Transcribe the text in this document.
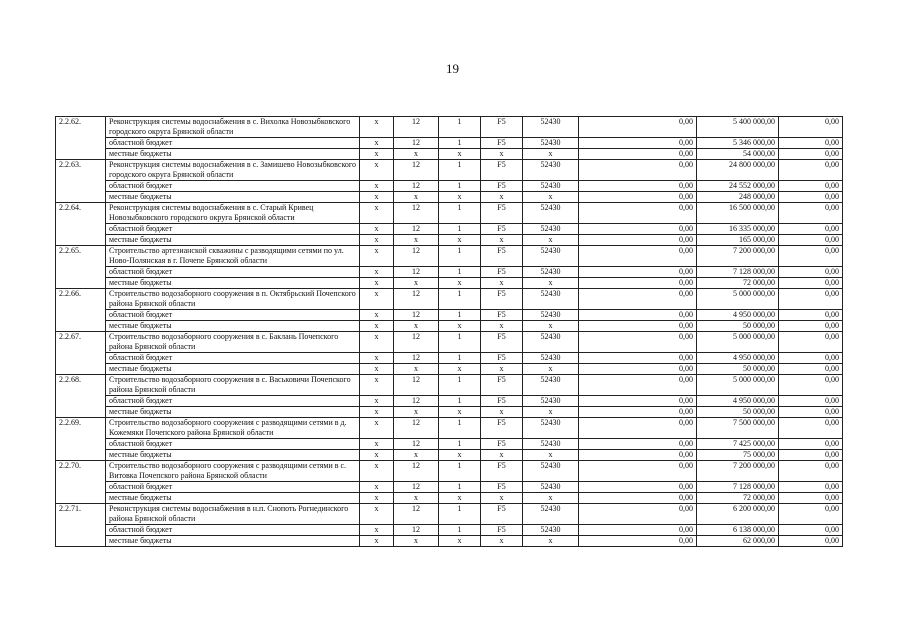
19
2.2.62.	Реконструкция системы водоснабжения в с. Вихолка Новозыбковского городского округа Брянской области	х	12	1	F5	52430	0,00	5 400 000,00	0,00
	областной бюджет	х	12	1	F5	52430	0,00	5 346 000,00	0,00
	местные бюджеты	х	х	х	х	х	0,00	54 000,00	0,00
2.2.63.	Реконструкция системы водоснабжения в с. Замишево Новозыбковского городского округа Брянской области	х	12	1	F5	52430	0,00	24 800 000,00	0,00
	областной бюджет	х	12	1	F5	52430	0,00	24 552 000,00	0,00
	местные бюджеты	х	х	х	х	х	0,00	248 000,00	0,00
2.2.64.	Реконструкция системы водоснабжения в с. Старый Кривец Новозыбковского городского округа Брянской области	х	12	1	F5	52430	0,00	16 500 000,00	0,00
	областной бюджет	х	12	1	F5	52430	0,00	16 335 000,00	0,00
	местные бюджеты	х	х	х	х	х	0,00	165 000,00	0,00
2.2.65.	Строительство артезианской скважины с разводящими сетями по ул. Ново-Полянская в г. Почепе Брянской области	х	12	1	F5	52430	0,00	7 200 000,00	0,00
	областной бюджет	х	12	1	F5	52430	0,00	7 128 000,00	0,00
	местные бюджеты	х	х	х	х	х	0,00	72 000,00	0,00
2.2.66.	Строительство водозаборного сооружения в п. Октябрьский Почепского района Брянской области	х	12	1	F5	52430	0,00	5 000 000,00	0,00
	областной бюджет	х	12	1	F5	52430	0,00	4 950 000,00	0,00
	местные бюджеты	х	х	х	х	х	0,00	50 000,00	0,00
2.2.67.	Строительство водозаборного сооружения в с. Баклань Почепского района Брянской области	х	12	1	F5	52430	0,00	5 000 000,00	0,00
	областной бюджет	х	12	1	F5	52430	0,00	4 950 000,00	0,00
	местные бюджеты	х	х	х	х	х	0,00	50 000,00	0,00
2.2.68.	Строительство водозаборного сооружения в с. Васьковичи Почепского района Брянской области	х	12	1	F5	52430	0,00	5 000 000,00	0,00
	областной бюджет	х	12	1	F5	52430	0,00	4 950 000,00	0,00
	местные бюджеты	х	х	х	х	х	0,00	50 000,00	0,00
2.2.69.	Строительство водозаборного сооружения с разводящими сетями в д. Кожемяки Почепского района Брянской области	х	12	1	F5	52430	0,00	7 500 000,00	0,00
	областной бюджет	х	12	1	F5	52430	0,00	7 425 000,00	0,00
	местные бюджеты	х	х	х	х	х	0,00	75 000,00	0,00
2.2.70.	Строительство водозаборного сооружения с разводящими сетями в с. Витовка Почепского района Брянской области	х	12	1	F5	52430	0,00	7 200 000,00	0,00
	областной бюджет	х	12	1	F5	52430	0,00	7 128 000,00	0,00
	местные бюджеты	х	х	х	х	х	0,00	72 000,00	0,00
2.2.71.	Реконструкция системы водоснабжения в н.п. Снопоть Рогнединского района Брянской области	х	12	1	F5	52430	0,00	6 200 000,00	0,00
	областной бюджет	х	12	1	F5	52430	0,00	6 138 000,00	0,00
	местные бюджеты	х	х	х	х	х	0,00	62 000,00	0,00
